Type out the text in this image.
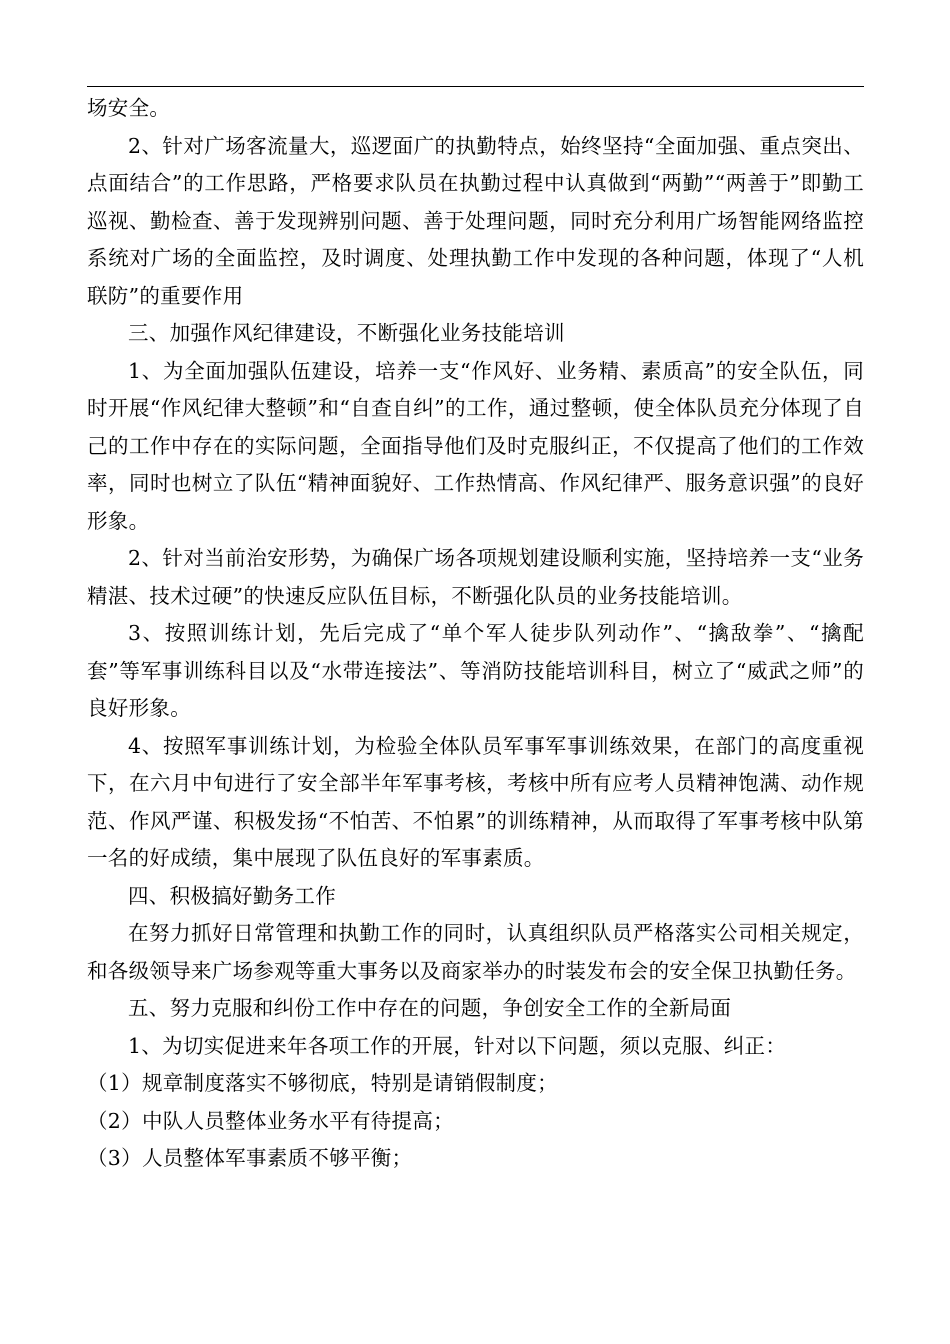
场安全。

2、针对广场客流量大，巡逻面广的执勤特点，始终坚持“全面加强、重点突出、点面结合”的工作思路，严格要求队员在执勤过程中认真做到“两勤”“两善于”即勤工巡视、勤检查、善于发现辨别问题、善于处理问题，同时充分利用广场智能网络监控系统对广场的全面监控，及时调度、处理执勤工作中发现的各种问题，体现了“人机联防”的重要作用

三、加强作风纪律建设，不断强化业务技能培训

1、为全面加强队伍建设，培养一支“作风好、业务精、素质高”的安全队伍，同时开展“作风纪律大整顿”和“自查自纠”的工作，通过整顿，使全体队员充分体现了自己的工作中存在的实际问题，全面指导他们及时克服纠正，不仅提高了他们的工作效率，同时也树立了队伍“精神面貌好、工作热情高、作风纪律严、服务意识强”的良好形象。

2、针对当前治安形势，为确保广场各项规划建设顺利实施，坚持培养一支“业务精湛、技术过硬”的快速反应队伍目标，不断强化队员的业务技能培训。

3、按照训练计划，先后完成了“单个军人徒步队列动作”、“擒敌拳”、“擒配套”等军事训练科目以及“水带连接法”、等消防技能培训科目，树立了“威武之师”的良好形象。

4、按照军事训练计划，为检验全体队员军事军事训练效果，在部门的高度重视下，在六月中旬进行了安全部半年军事考核，考核中所有应考人员精神饱满、动作规范、作风严谨、积极发扬“不怕苦、不怕累”的训练精神，从而取得了军事考核中队第一名的好成绩，集中展现了队伍良好的军事素质。

四、积极搞好勤务工作

在努力抓好日常管理和执勤工作的同时，认真组织队员严格落实公司相关规定，和各级领导来广场参观等重大事务以及商家举办的时装发布会的安全保卫执勤任务。

五、努力克服和纠份工作中存在的问题，争创安全工作的全新局面

1、为切实促进来年各项工作的开展，针对以下问题，须以克服、纠正：

（1）规章制度落实不够彻底，特别是请销假制度；

（2）中队人员整体业务水平有待提高；

（3）人员整体军事素质不够平衡；
